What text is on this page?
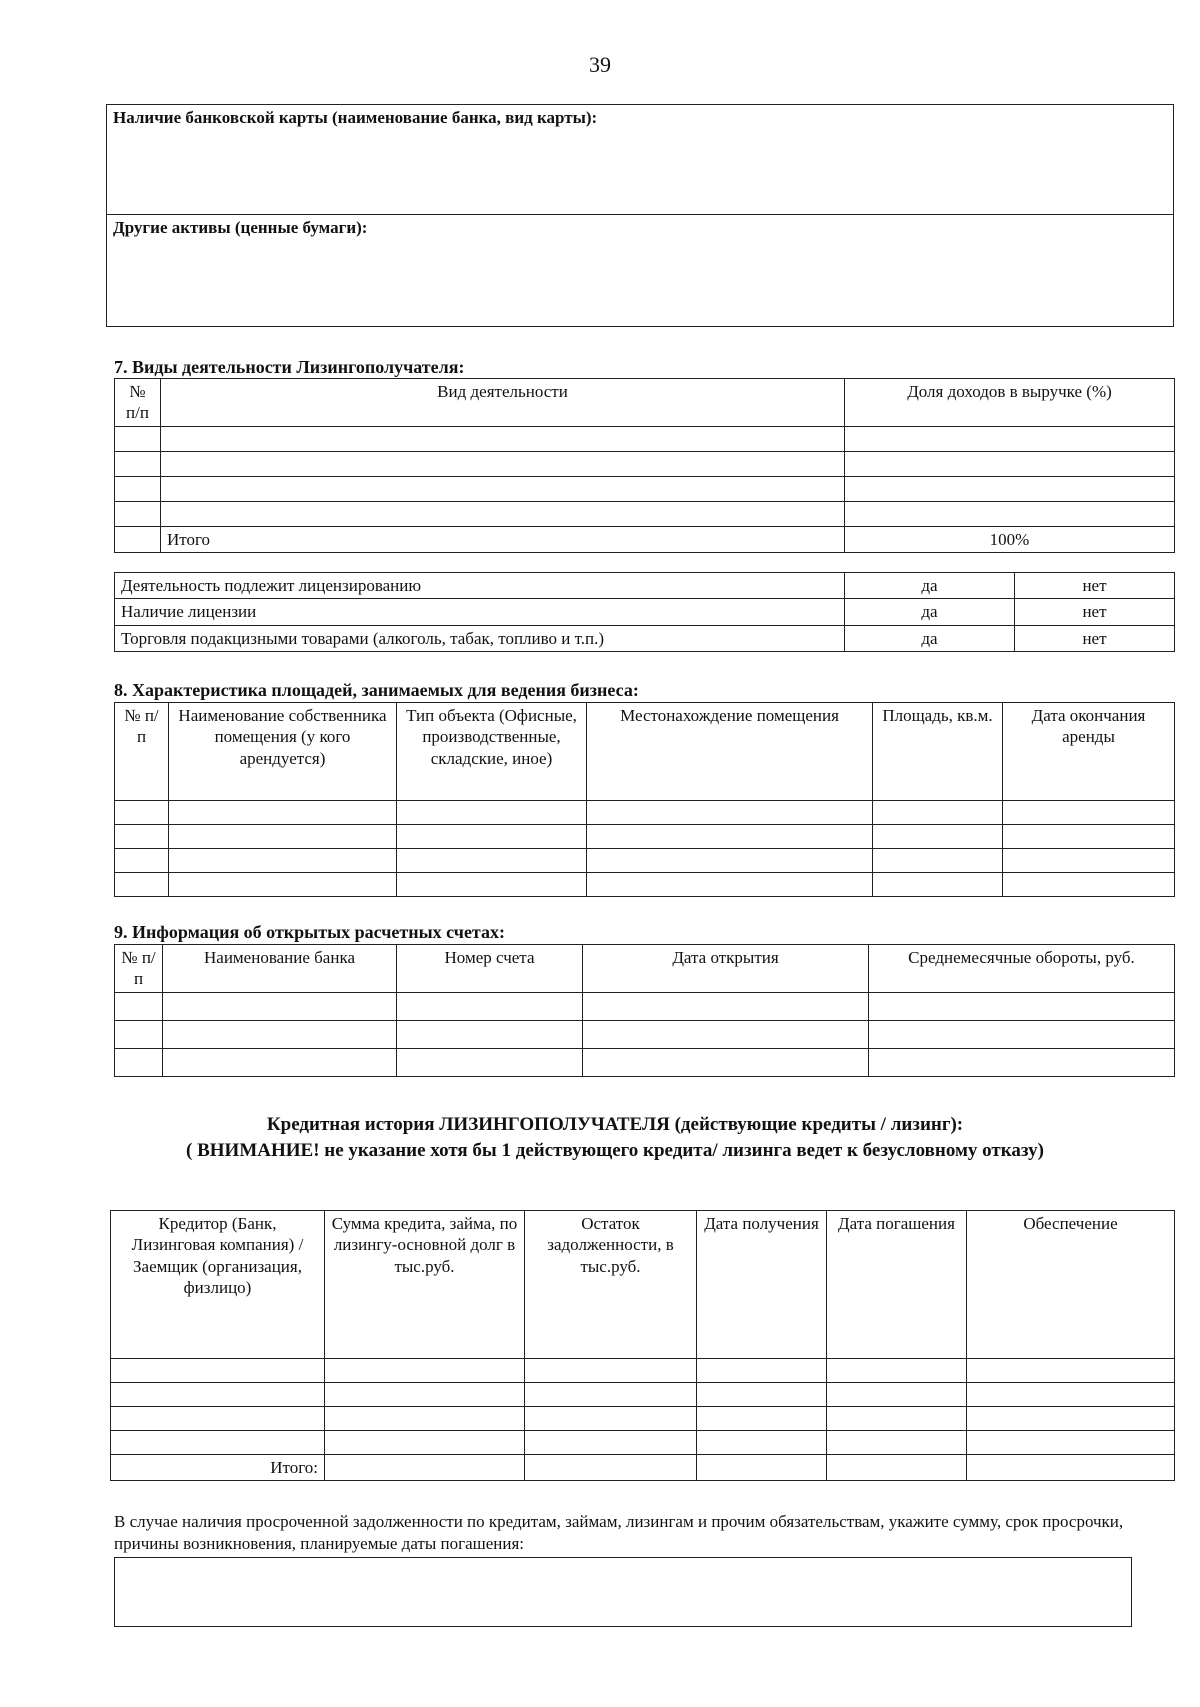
39
Наличие банковской карты (наименование банка, вид карты):
Другие активы (ценные бумаги):
7. Виды деятельности Лизингополучателя:
№ п/п	Вид деятельности	Доля доходов в выручке (%)

	Итого	100%
Деятельность подлежит лицензированию	да	нет
Наличие лицензии	да	нет
Торговля подакцизными товарами (алкоголь, табак, топливо и т.п.)	да	нет
8. Характеристика площадей, занимаемых для ведения бизнеса:
№ п/п	Наименование собственника помещения (у кого арендуется)	Тип объекта (Офисные, производственные, складские, иное)	Местонахождение помещения	Площадь, кв.м.	Дата окончания аренды

9. Информация об открытых расчетных счетах:
№ п/п	Наименование банка	Номер счета	Дата открытия	Среднемесячные обороты, руб.

Кредитная история ЛИЗИНГОПОЛУЧАТЕЛЯ (действующие кредиты / лизинг):
( ВНИМАНИЕ! не указание хотя бы 1 действующего кредита/ лизинга ведет к безусловному отказу)
Кредитор (Банк, Лизинговая компания) /Заемщик (организация, физлицо)	Сумма кредита, займа, по лизингу-основной долг в тыс.руб.	Остаток задолженности, в тыс.руб.	Дата получения	Дата погашения	Обеспечение

Итого:					
В случае наличия просроченной задолженности по кредитам, займам, лизингам и прочим обязательствам, укажите сумму, срок просрочки, причины возникновения, планируемые даты погашения:
